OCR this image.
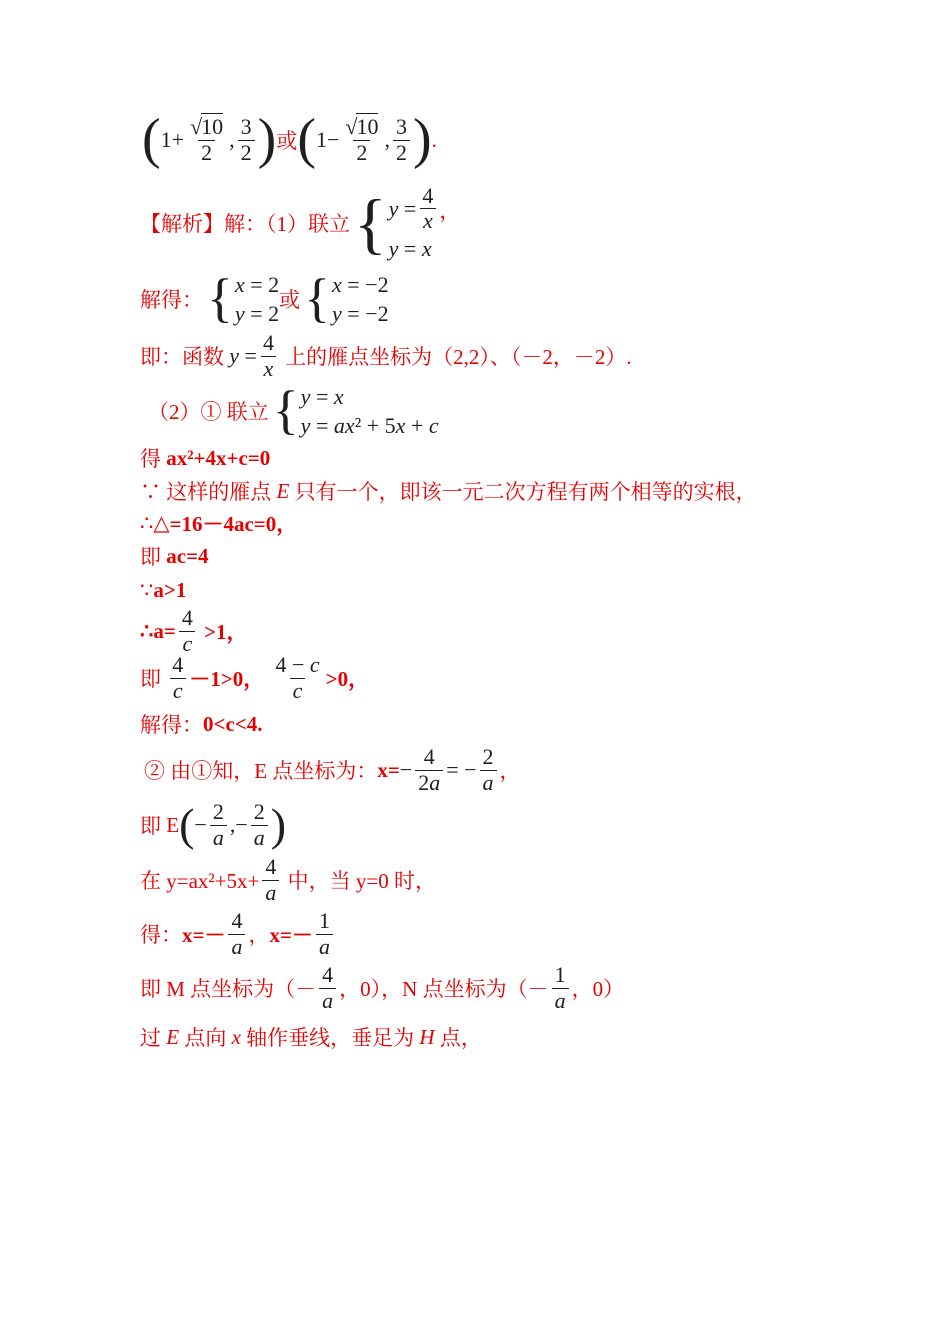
( $1+ \frac{√10}{2}$ , $\frac{3}{2}$ ) 或 ( $1- \frac{√10}{2}$ , $\frac{3}{2}$ ) .
【解析】解：（1）联立 { $y = \frac{4}{x}$ ，
y = x
解得： { x = 2
y = 2
或 { x = −2
y = −2
即：函数 $y = \frac{4}{x}$ 上的雁点坐标为（2,2）、（－2，－2）.
（2）① 联立 { y = x
y = ax ² + 5 x + c
得 ax²+4x+c=0
∵ 这样的雁点 E 只有一个，即该一元二次方程有两个相等的实根，
∴△ =16－4ac=0，
即 ac=4
∵ a>1
∴a= $\frac{4}{c} >1$，
即 $\frac{4}{c} -1>0$， $\frac{4 - c}{c} >0$，
解得： 0<c<4.
② 由①知，E 点坐标为： $x= - \frac{4}{2a}$ = − $\frac{2}{a}$ ，
即 E ( − $\frac{2}{a}$ , − $\frac{2}{a}$ )
在 $y=ax^2+5x+ \frac{4}{a}$ 中，当 y=0 时，
得： $x=- \frac{4}{a}$ ， $x=- \frac{1}{a}$
即 M 点坐标为（－ $\frac{4}{a}$ ，0），N 点坐标为（－ $\frac{1}{a}$ ，0）
过 E 点向 x 轴作垂线，垂足为 H 点，
